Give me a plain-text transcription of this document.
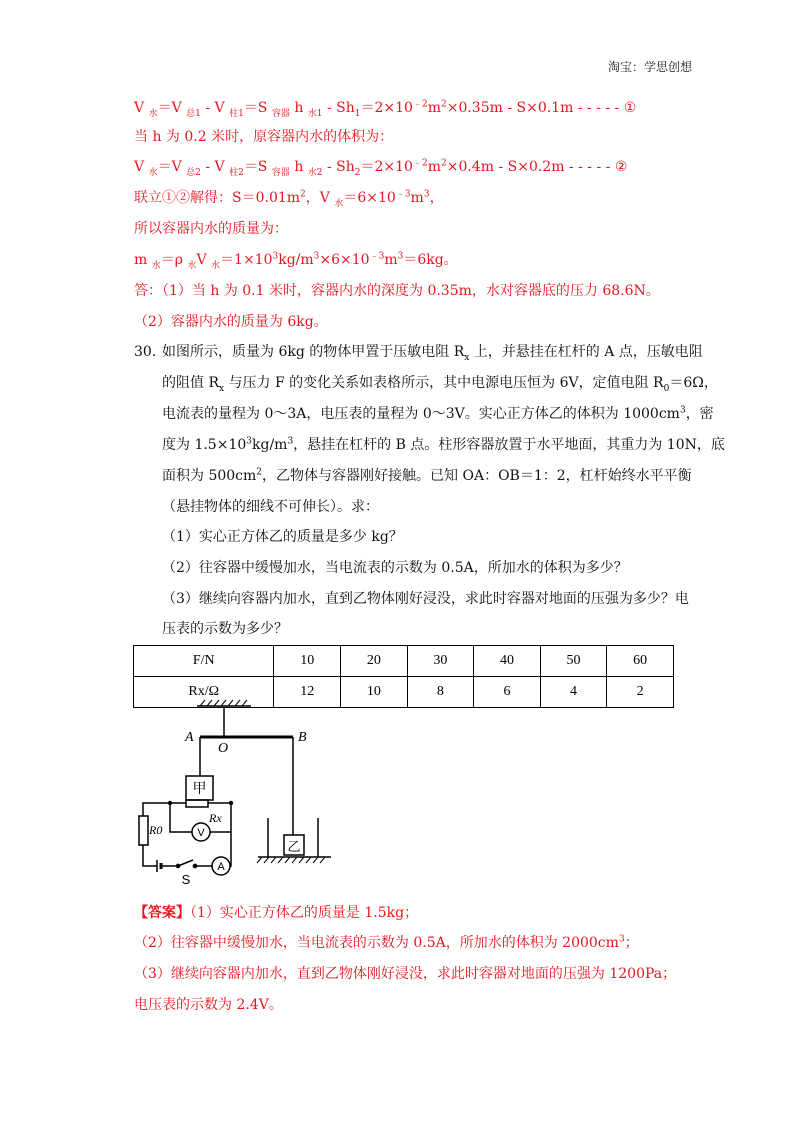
淘宝：学思创想
V $_水$＝V $_{总1}$ - V $_{柱1}$＝S $_{容器}$ h $_{水1} - Sh_1=2\times 10^{﹣2}m^2\times 0.35m - S\times 0.1m$ - - - - - ①
当 h 为 0.2 米时，原容器内水的体积为：
V $_水$＝V $_{总2}$ - V $_{柱2}$＝S $_{容器}$ h $_{水2} - Sh_2=2\times 10^{﹣2}m^2\times 0.4m - S\times 0.2m$ - - - - - ②
联立①②解得：$S=0.01m^2$，V $_水=6\times 10^{﹣3}m^3$，
所以容器内水的质量为：
m $_水$＝ρ $_水$V $_水=1\times 10^3kg/m^3\times 6\times 10^{﹣3}m^3=6kg$。
答：（1）当 h 为 0.1 米时，容器内水的深度为 0.35m，水对容器底的压力 68.6N。
（2）容器内水的质量为 6kg。
30．
如图所示，质量为 6kg 的物体甲置于压敏电阻 $R_x$ 上，并悬挂在杠杆的 A 点，压敏电阻
的阻值 $R_x$ 与压力 F 的变化关系如表格所示，其中电源电压恒为 6V，定值电阻 $R_0=6\Omega$，
电流表的量程为 0～3A，电压表的量程为 0～3V。实心正方体乙的体积为 $1000cm^3$，密
度为 $1.5\times 10^3kg/m^3$，悬挂在杠杆的 B 点。柱形容器放置于水平地面，其重力为 10N，底
面积为 $500cm^2$，乙物体与容器刚好接触。已知 OA：OB＝1：2，杠杆始终水平平衡
（悬挂物体的细线不可伸长）。求：
（1）实心正方体乙的质量是多少 kg？
（2）往容器中缓慢加水，当电流表的示数为 0.5A，所加水的体积为多少？
（3）继续向容器内加水，直到乙物体刚好浸没，求此时容器对地面的压强为多少？电
压表的示数为多少？
F/N	10	20	30	40	50	60
Rx/Ω	12	10	8	6	4	2
A
O
B
Rx
R0
甲
乙
V
A
S
【答案】（1）实心正方体乙的质量是 1.5kg；
（2）往容器中缓慢加水，当电流表的示数为 0.5A，所加水的体积为 $2000cm^3$；
（3）继续向容器内加水，直到乙物体刚好浸没，求此时容器对地面的压强为 1200Pa；
电压表的示数为 2.4V。
